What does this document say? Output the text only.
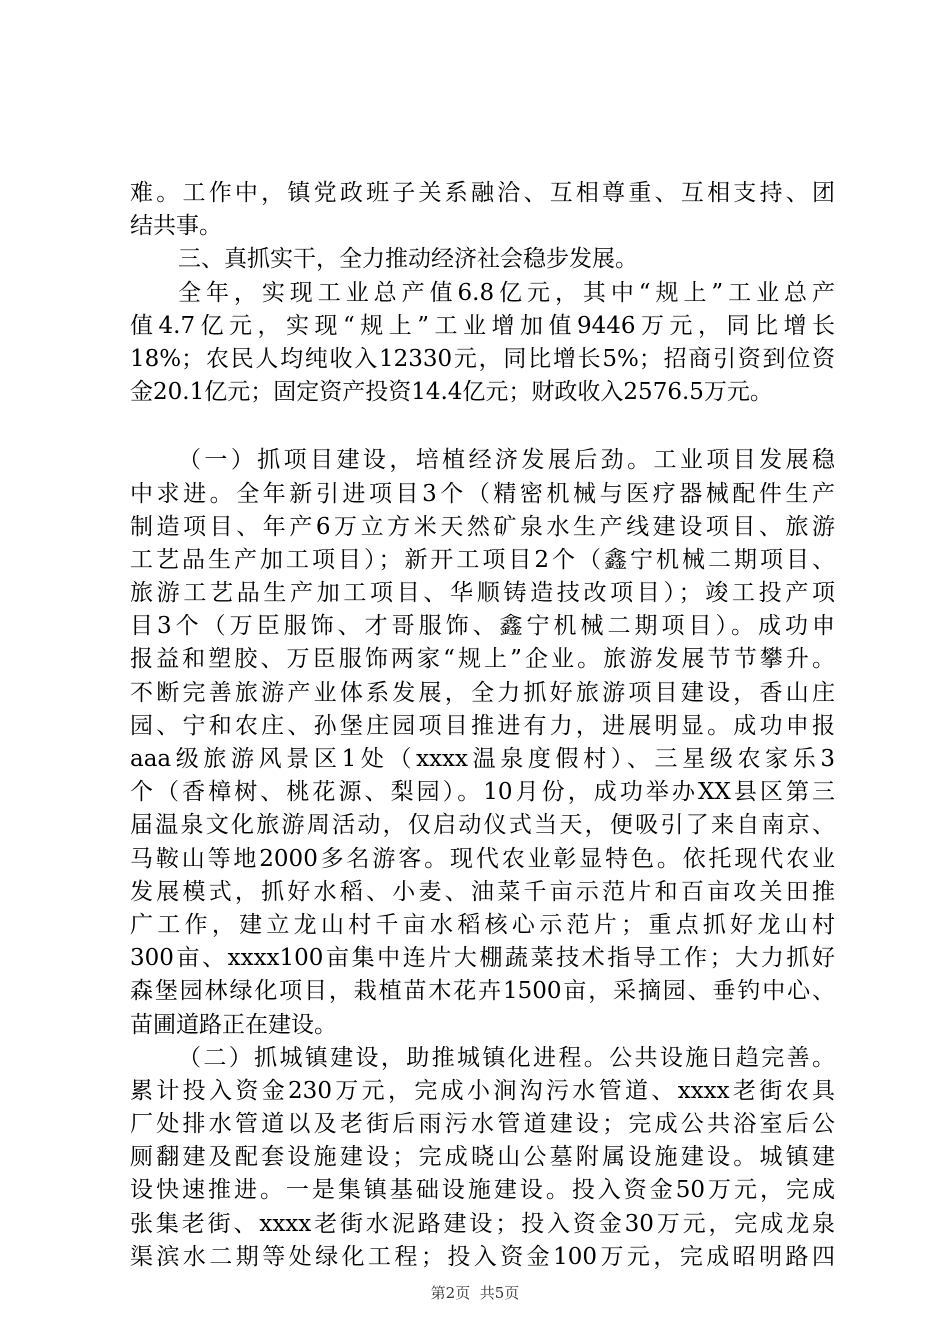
难。工作中，镇党政班子关系融洽、互相尊重、互相支持、团
结共事。
三、真抓实干，全力推动经济社会稳步发展。
全年，实现工业总产值6.8亿元，其中“规上”工业总产
值4.7亿元，实现“规上”工业增加值9446万元，同比增长
18%；农民人均纯收入12330元，同比增长5%；招商引资到位资
金20.1亿元；固定资产投资14.4亿元；财政收入2576.5万元。
（一）抓项目建设，培植经济发展后劲。工业项目发展稳
中求进。全年新引进项目3个（精密机械与医疗器械配件生产
制造项目、年产6万立方米天然矿泉水生产线建设项目、旅游
工艺品生产加工项目）；新开工项目2个（鑫宁机械二期项目、
旅游工艺品生产加工项目、华顺铸造技改项目）；竣工投产项
目3个（万臣服饰、才哥服饰、鑫宁机械二期项目）。成功申
报益和塑胶、万臣服饰两家“规上”企业。旅游发展节节攀升。
不断完善旅游产业体系发展，全力抓好旅游项目建设，香山庄
园、宁和农庄、孙堡庄园项目推进有力，进展明显。成功申报
aaa级旅游风景区1处（xxxx温泉度假村）、三星级农家乐3
个（香樟树、桃花源、梨园）。10月份，成功举办XX县区第三
届温泉文化旅游周活动，仅启动仪式当天，便吸引了来自南京、
马鞍山等地2000多名游客。现代农业彰显特色。依托现代农业
发展模式，抓好水稻、小麦、油菜千亩示范片和百亩攻关田推
广工作，建立龙山村千亩水稻核心示范片；重点抓好龙山村
300亩、xxxx100亩集中连片大棚蔬菜技术指导工作；大力抓好
森堡园林绿化项目，栽植苗木花卉1500亩，采摘园、垂钓中心、
苗圃道路正在建设。
（二）抓城镇建设，助推城镇化进程。公共设施日趋完善。
累计投入资金230万元，完成小涧沟污水管道、xxxx老街农具
厂处排水管道以及老街后雨污水管道建设；完成公共浴室后公
厕翻建及配套设施建设；完成晓山公墓附属设施建设。城镇建
设快速推进。一是集镇基础设施建设。投入资金50万元，完成
张集老街、xxxx老街水泥路建设；投入资金30万元，完成龙泉
渠滨水二期等处绿化工程；投入资金100万元，完成昭明路四
第2页 共5页
